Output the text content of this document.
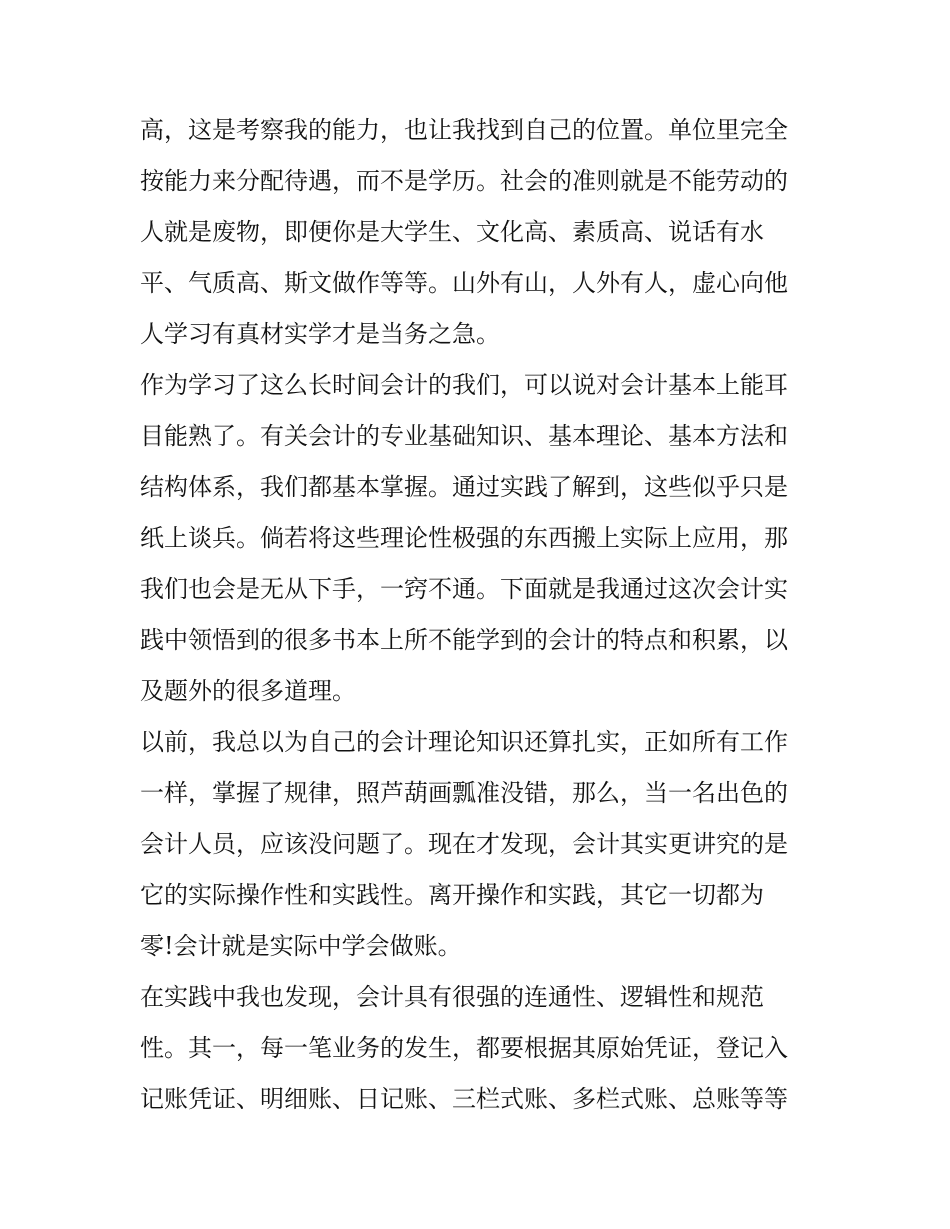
高，这是考察我的能力，也让我找到自己的位置。单位里完全
按能力来分配待遇，而不是学历。社会的准则就是不能劳动的
人就是废物，即便你是大学生、文化高、素质高、说话有水
平、气质高、斯文做作等等。山外有山，人外有人，虚心向他
人学习有真材实学才是当务之急。
作为学习了这么长时间会计的我们，可以说对会计基本上能耳
目能熟了。有关会计的专业基础知识、基本理论、基本方法和
结构体系，我们都基本掌握。通过实践了解到，这些似乎只是
纸上谈兵。倘若将这些理论性极强的东西搬上实际上应用，那
我们也会是无从下手，一窍不通。下面就是我通过这次会计实
践中领悟到的很多书本上所不能学到的会计的特点和积累，以
及题外的很多道理。
以前，我总以为自己的会计理论知识还算扎实，正如所有工作
一样，掌握了规律，照芦葫画瓢准没错，那么，当一名出色的
会计人员，应该没问题了。现在才发现，会计其实更讲究的是
它的实际操作性和实践性。离开操作和实践，其它一切都为
零!会计就是实际中学会做账。
在实践中我也发现，会计具有很强的连通性、逻辑性和规范
性。其一，每一笔业务的发生，都要根据其原始凭证，登记入
记账凭证、明细账、日记账、三栏式账、多栏式账、总账等等
